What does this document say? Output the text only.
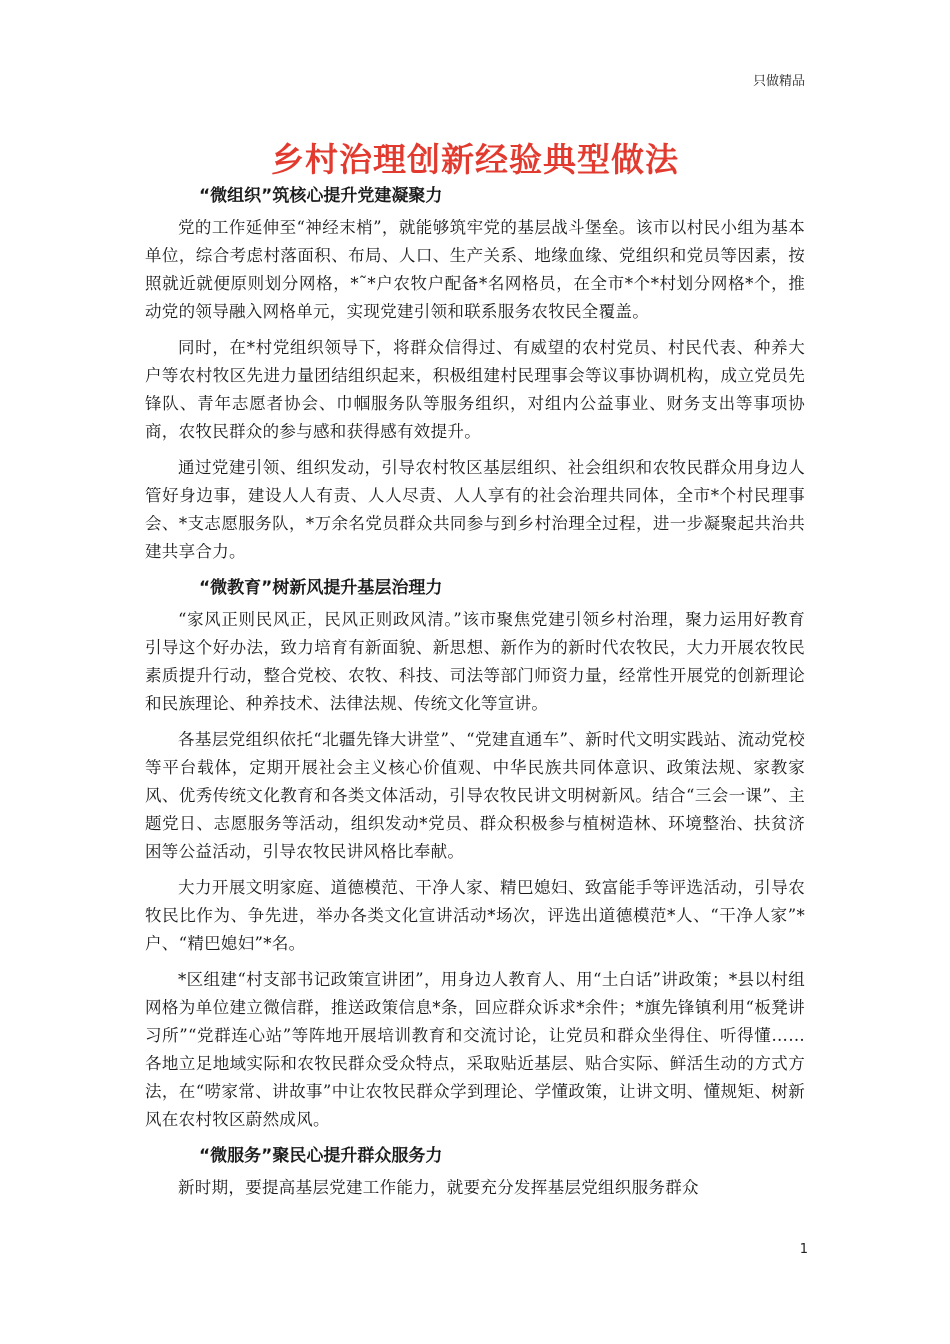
只做精品
乡村治理创新经验典型做法
“微组织”筑核心提升党建凝聚力

党的工作延伸至“神经末梢”，就能够筑牢党的基层战斗堡垒。该市以村民小组为基本单位，综合考虑村落面积、布局、人口、生产关系、地缘血缘、党组织和党员等因素，按照就近就便原则划分网格，*˜*户农牧户配备*名网格员，在全市*个*村划分网格*个，推动党的领导融入网格单元，实现党建引领和联系服务农牧民全覆盖。

同时，在*村党组织领导下，将群众信得过、有威望的农村党员、村民代表、种养大户等农村牧区先进力量团结组织起来，积极组建村民理事会等议事协调机构，成立党员先锋队、青年志愿者协会、巾帼服务队等服务组织，对组内公益事业、财务支出等事项协商，农牧民群众的参与感和获得感有效提升。

通过党建引领、组织发动，引导农村牧区基层组织、社会组织和农牧民群众用身边人管好身边事，建设人人有责、人人尽责、人人享有的社会治理共同体，全市*个村民理事会、*支志愿服务队，*万余名党员群众共同参与到乡村治理全过程，进一步凝聚起共治共建共享合力。

“微教育”树新风提升基层治理力

“家风正则民风正，民风正则政风清。”该市聚焦党建引领乡村治理，聚力运用好教育引导这个好办法，致力培育有新面貌、新思想、新作为的新时代农牧民，大力开展农牧民素质提升行动，整合党校、农牧、科技、司法等部门师资力量，经常性开展党的创新理论和民族理论、种养技术、法律法规、传统文化等宣讲。

各基层党组织依托“北疆先锋大讲堂”、“党建直通车”、新时代文明实践站、流动党校等平台载体，定期开展社会主义核心价值观、中华民族共同体意识、政策法规、家教家风、优秀传统文化教育和各类文体活动，引导农牧民讲文明树新风。结合“三会一课”、主题党日、志愿服务等活动，组织发动*党员、群众积极参与植树造林、环境整治、扶贫济困等公益活动，引导农牧民讲风格比奉献。

大力开展文明家庭、道德模范、干净人家、精巴媳妇、致富能手等评选活动，引导农牧民比作为、争先进，举办各类文化宣讲活动*场次，评选出道德模范*人、“干净人家”*户、“精巴媳妇”*名。

*区组建“村支部书记政策宣讲团”，用身边人教育人、用“土白话”讲政策；*县以村组网格为单位建立微信群，推送政策信息*条，回应群众诉求*余件；*旗先锋镇利用“板凳讲习所”“党群连心站”等阵地开展培训教育和交流讨论，让党员和群众坐得住、听得懂……各地立足地域实际和农牧民群众受众特点，采取贴近基层、贴合实际、鲜活生动的方式方法，在“唠家常、讲故事”中让农牧民群众学到理论、学懂政策，让讲文明、懂规矩、树新风在农村牧区蔚然成风。

“微服务”聚民心提升群众服务力

新时期，要提高基层党建工作能力，就要充分发挥基层党组织服务群众

1
